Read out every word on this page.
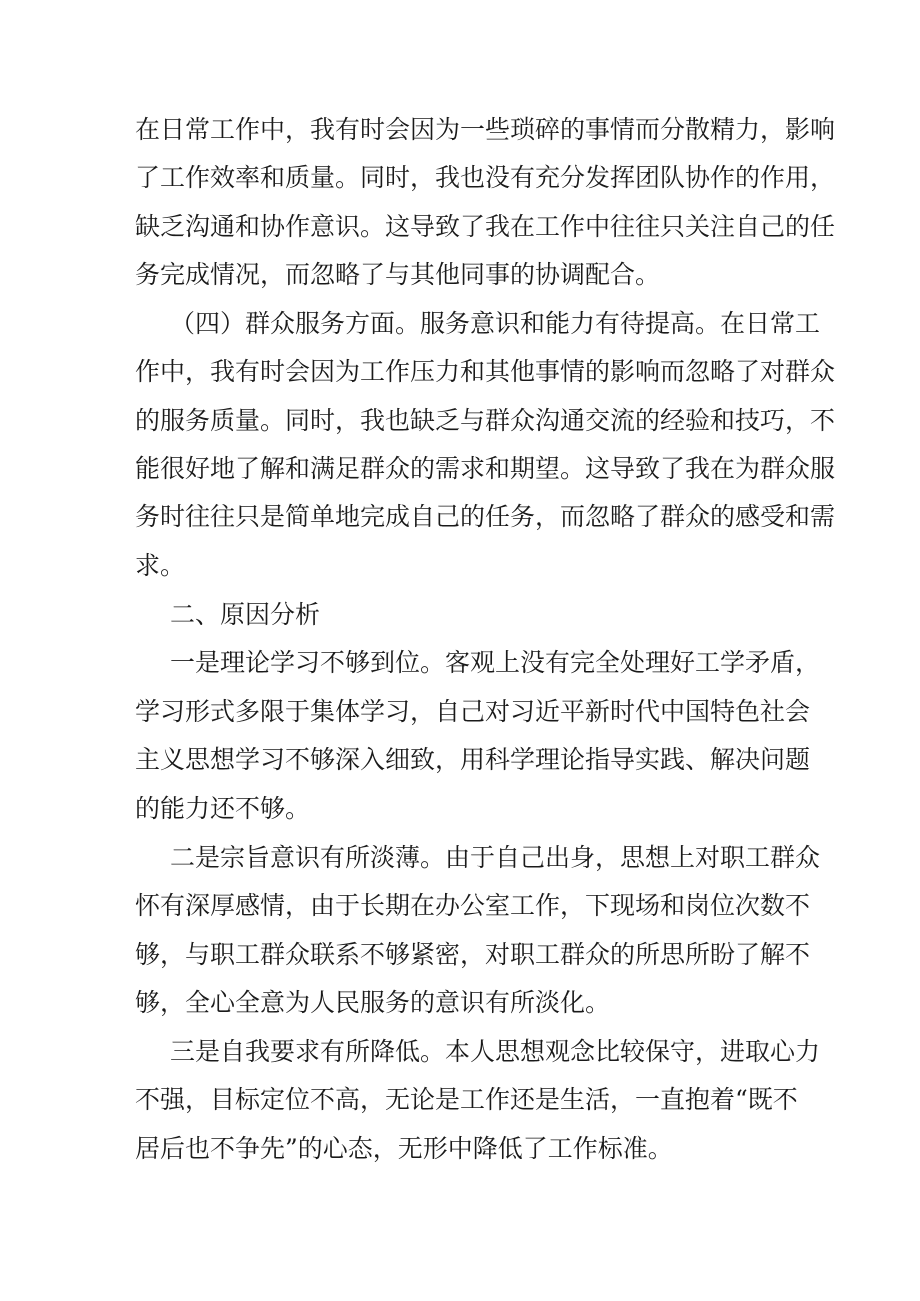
在日常工作中，我有时会因为一些琐碎的事情而分散精力，影响
了工作效率和质量。同时，我也没有充分发挥团队协作的作用，
缺乏沟通和协作意识。这导致了我在工作中往往只关注自己的任
务完成情况，而忽略了与其他同事的协调配合。
（四）群众服务方面。服务意识和能力有待提高。在日常工
作中，我有时会因为工作压力和其他事情的影响而忽略了对群众
的服务质量。同时，我也缺乏与群众沟通交流的经验和技巧，不
能很好地了解和满足群众的需求和期望。这导致了我在为群众服
务时往往只是简单地完成自己的任务，而忽略了群众的感受和需
求。
二、原因分析
一是理论学习不够到位。客观上没有完全处理好工学矛盾，
学习形式多限于集体学习，自己对习近平新时代中国特色社会
主义思想学习不够深入细致，用科学理论指导实践、解决问题
的能力还不够。
二是宗旨意识有所淡薄。由于自己出身，思想上对职工群众
怀有深厚感情，由于长期在办公室工作，下现场和岗位次数不
够，与职工群众联系不够紧密，对职工群众的所思所盼了解不
够，全心全意为人民服务的意识有所淡化。
三是自我要求有所降低。本人思想观念比较保守，进取心力
不强，目标定位不高，无论是工作还是生活，一直抱着“既不
居后也不争先”的心态，无形中降低了工作标准。
